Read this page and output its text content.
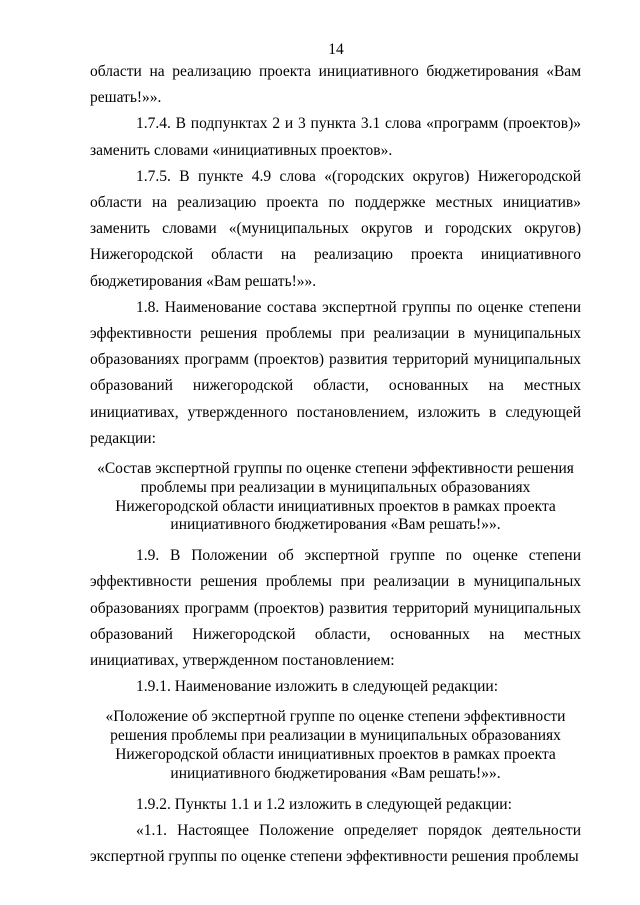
14

области на реализацию проекта инициативного бюджетирования «Вам решать!»».

1.7.4. В подпунктах 2 и 3 пункта 3.1 слова «программ (проектов)» заменить словами «инициативных проектов».

1.7.5. В пункте 4.9 слова «(городских округов) Нижегородской области на реализацию проекта по поддержке местных инициатив» заменить словами «(муниципальных округов и городских округов) Нижегородской области на реализацию проекта инициативного бюджетирования «Вам решать!»».

1.8. Наименование состава экспертной группы по оценке степени эффективности решения проблемы при реализации в муниципальных образованиях программ (проектов) развития территорий муниципальных образований нижегородской области, основанных на местных инициативах, утвержденного постановлением, изложить в следующей редакции:

«Состав экспертной группы по оценке степени эффективности решения проблемы при реализации в муниципальных образованиях Нижегородской области инициативных проектов в рамках проекта инициативного бюджетирования «Вам решать!»».

1.9. В Положении об экспертной группе по оценке степени эффективности решения проблемы при реализации в муниципальных образованиях программ (проектов) развития территорий муниципальных образований Нижегородской области, основанных на местных инициативах, утвержденном постановлением:

1.9.1. Наименование изложить в следующей редакции:

«Положение об экспертной группе по оценке степени эффективности решения проблемы при реализации в муниципальных образованиях Нижегородской области инициативных проектов в рамках проекта инициативного бюджетирования «Вам решать!»».

1.9.2. Пункты 1.1 и 1.2 изложить в следующей редакции:

«1.1. Настоящее Положение определяет порядок деятельности экспертной группы по оценке степени эффективности решения проблемы
